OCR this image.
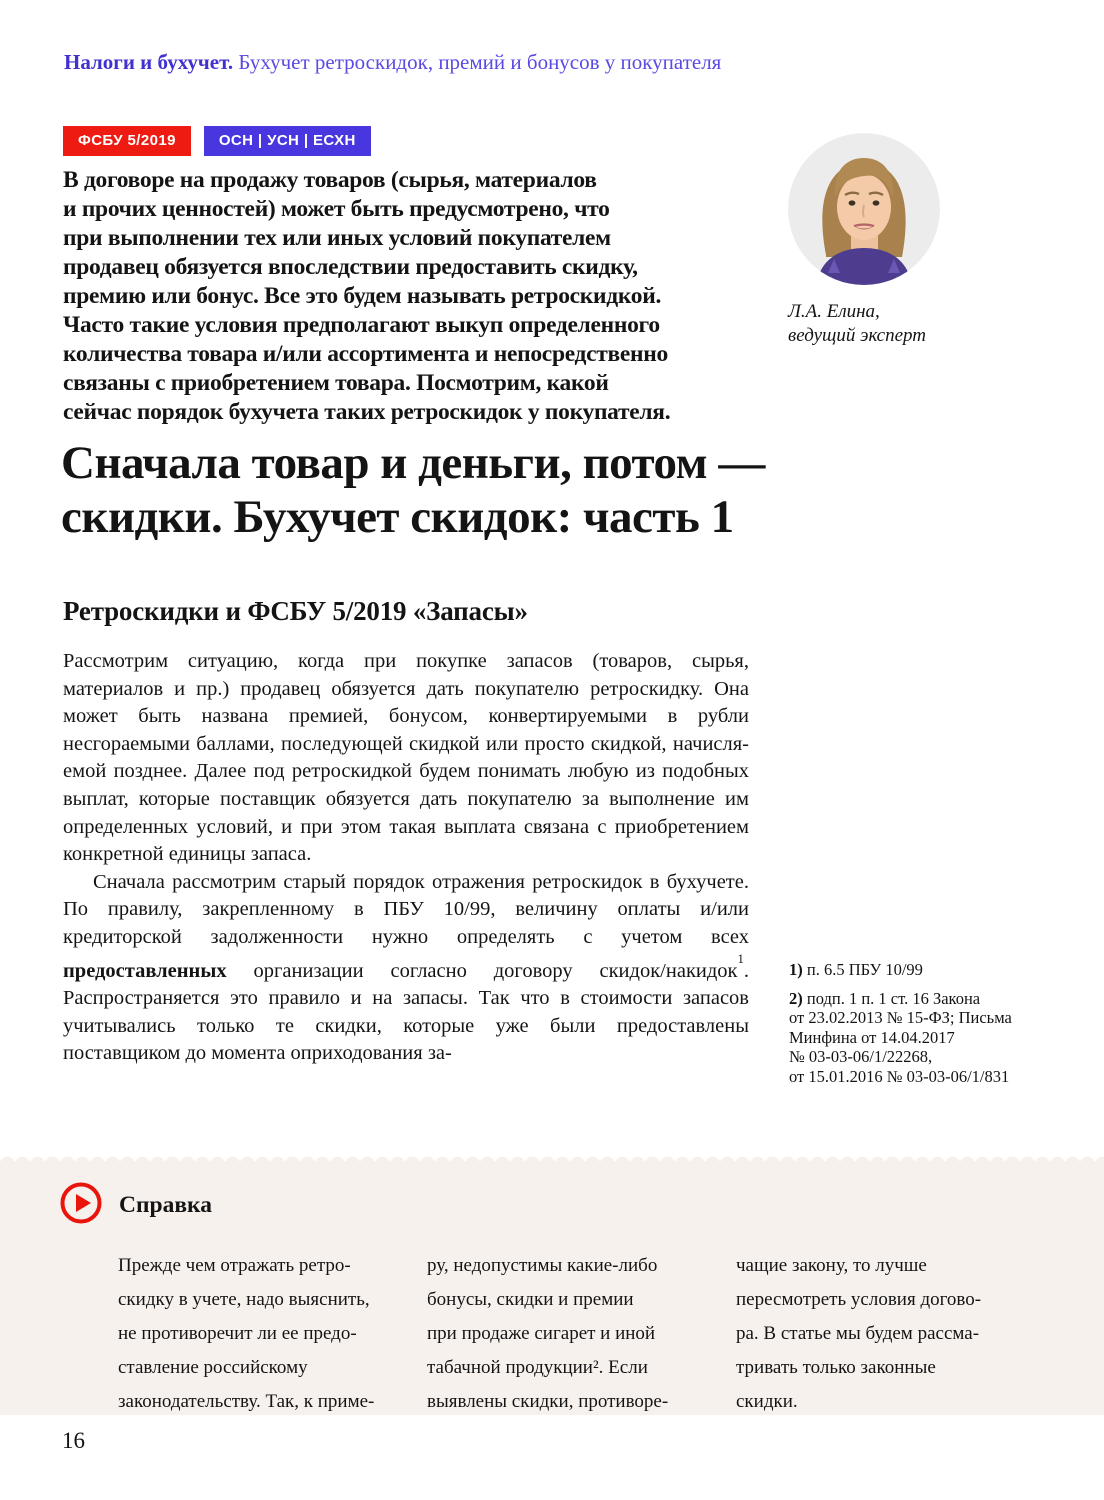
Налоги и бухучет. Бухучет ретроскидок, премий и бонусов у покупателя
ФСБУ 5/2019	ОСН | УСН | ЕСХН
В договоре на продажу товаров (сырья, материалов
и прочих ценностей) может быть предусмотрено, что
при выполнении тех или иных условий покупателем
продавец обязуется впоследствии предоставить скидку,
премию или бонус. Все это будем называть ретроскидкой.
Часто такие условия предполагают выкуп определенного
количества товара и/или ассортимента и непосредственно
связаны с приобретением товара. Посмотрим, какой
сейчас порядок бухучета таких ретроскидок у покупателя.
Л.А. Елина,
ведущий эксперт
Сначала товар и деньги, потом —
скидки. Бухучет скидок: часть 1
Ретроскидки и ФСБУ 5/2019 «Запасы»

Рассмотрим ситуацию, когда при покупке запасов (товаров, сырья, материалов и пр.) продавец обязуется дать покупателю ретроскидку. Она может быть названа премией, бонусом, конвертируемыми в рубли несгораемыми баллами, последующей скидкой или просто скидкой, начисляемой позднее. Далее под ретроскидкой будем понимать любую из подобных выплат, которые поставщик обязуется дать покупателю за выполнение им определенных условий, и при этом такая выплата связана с приобретением конкретной единицы запаса.

Сначала рассмотрим старый порядок отражения ретроскидок в бухучете. По правилу, закрепленному в ПБУ 10/99, величину оплаты и/или кредиторской задолженности нужно определять с учетом всех предоставленных организации согласно договору скидок/накидок$^1$. Распространяется это правило и на запасы. Так что в стоимости запасов учитывались только те скидки, которые уже были предоставлены поставщиком до момента оприходования за-

1) п. 6.5 ПБУ 10/99

2) подп. 1 п. 1 ст. 16 Закона
от 23.02.2013 № 15-ФЗ; Письма
Минфина от 14.04.2017
№ 03-03-06/1/22268,
от 15.01.2016 № 03-03-06/1/831

Справка
Прежде чем отражать ретро-
скидку в учете, надо выяснить,
не противоречит ли ее предо-
ставление российскому
законодательству. Так, к приме-
ру, недопустимы какие-либо
бонусы, скидки и премии
при продаже сигарет и иной
табачной продукции². Если
выявлены скидки, противоре-
чащие закону, то лучше
пересмотреть условия догово-
ра. В статье мы будем рассма-
тривать только законные
скидки.
16
